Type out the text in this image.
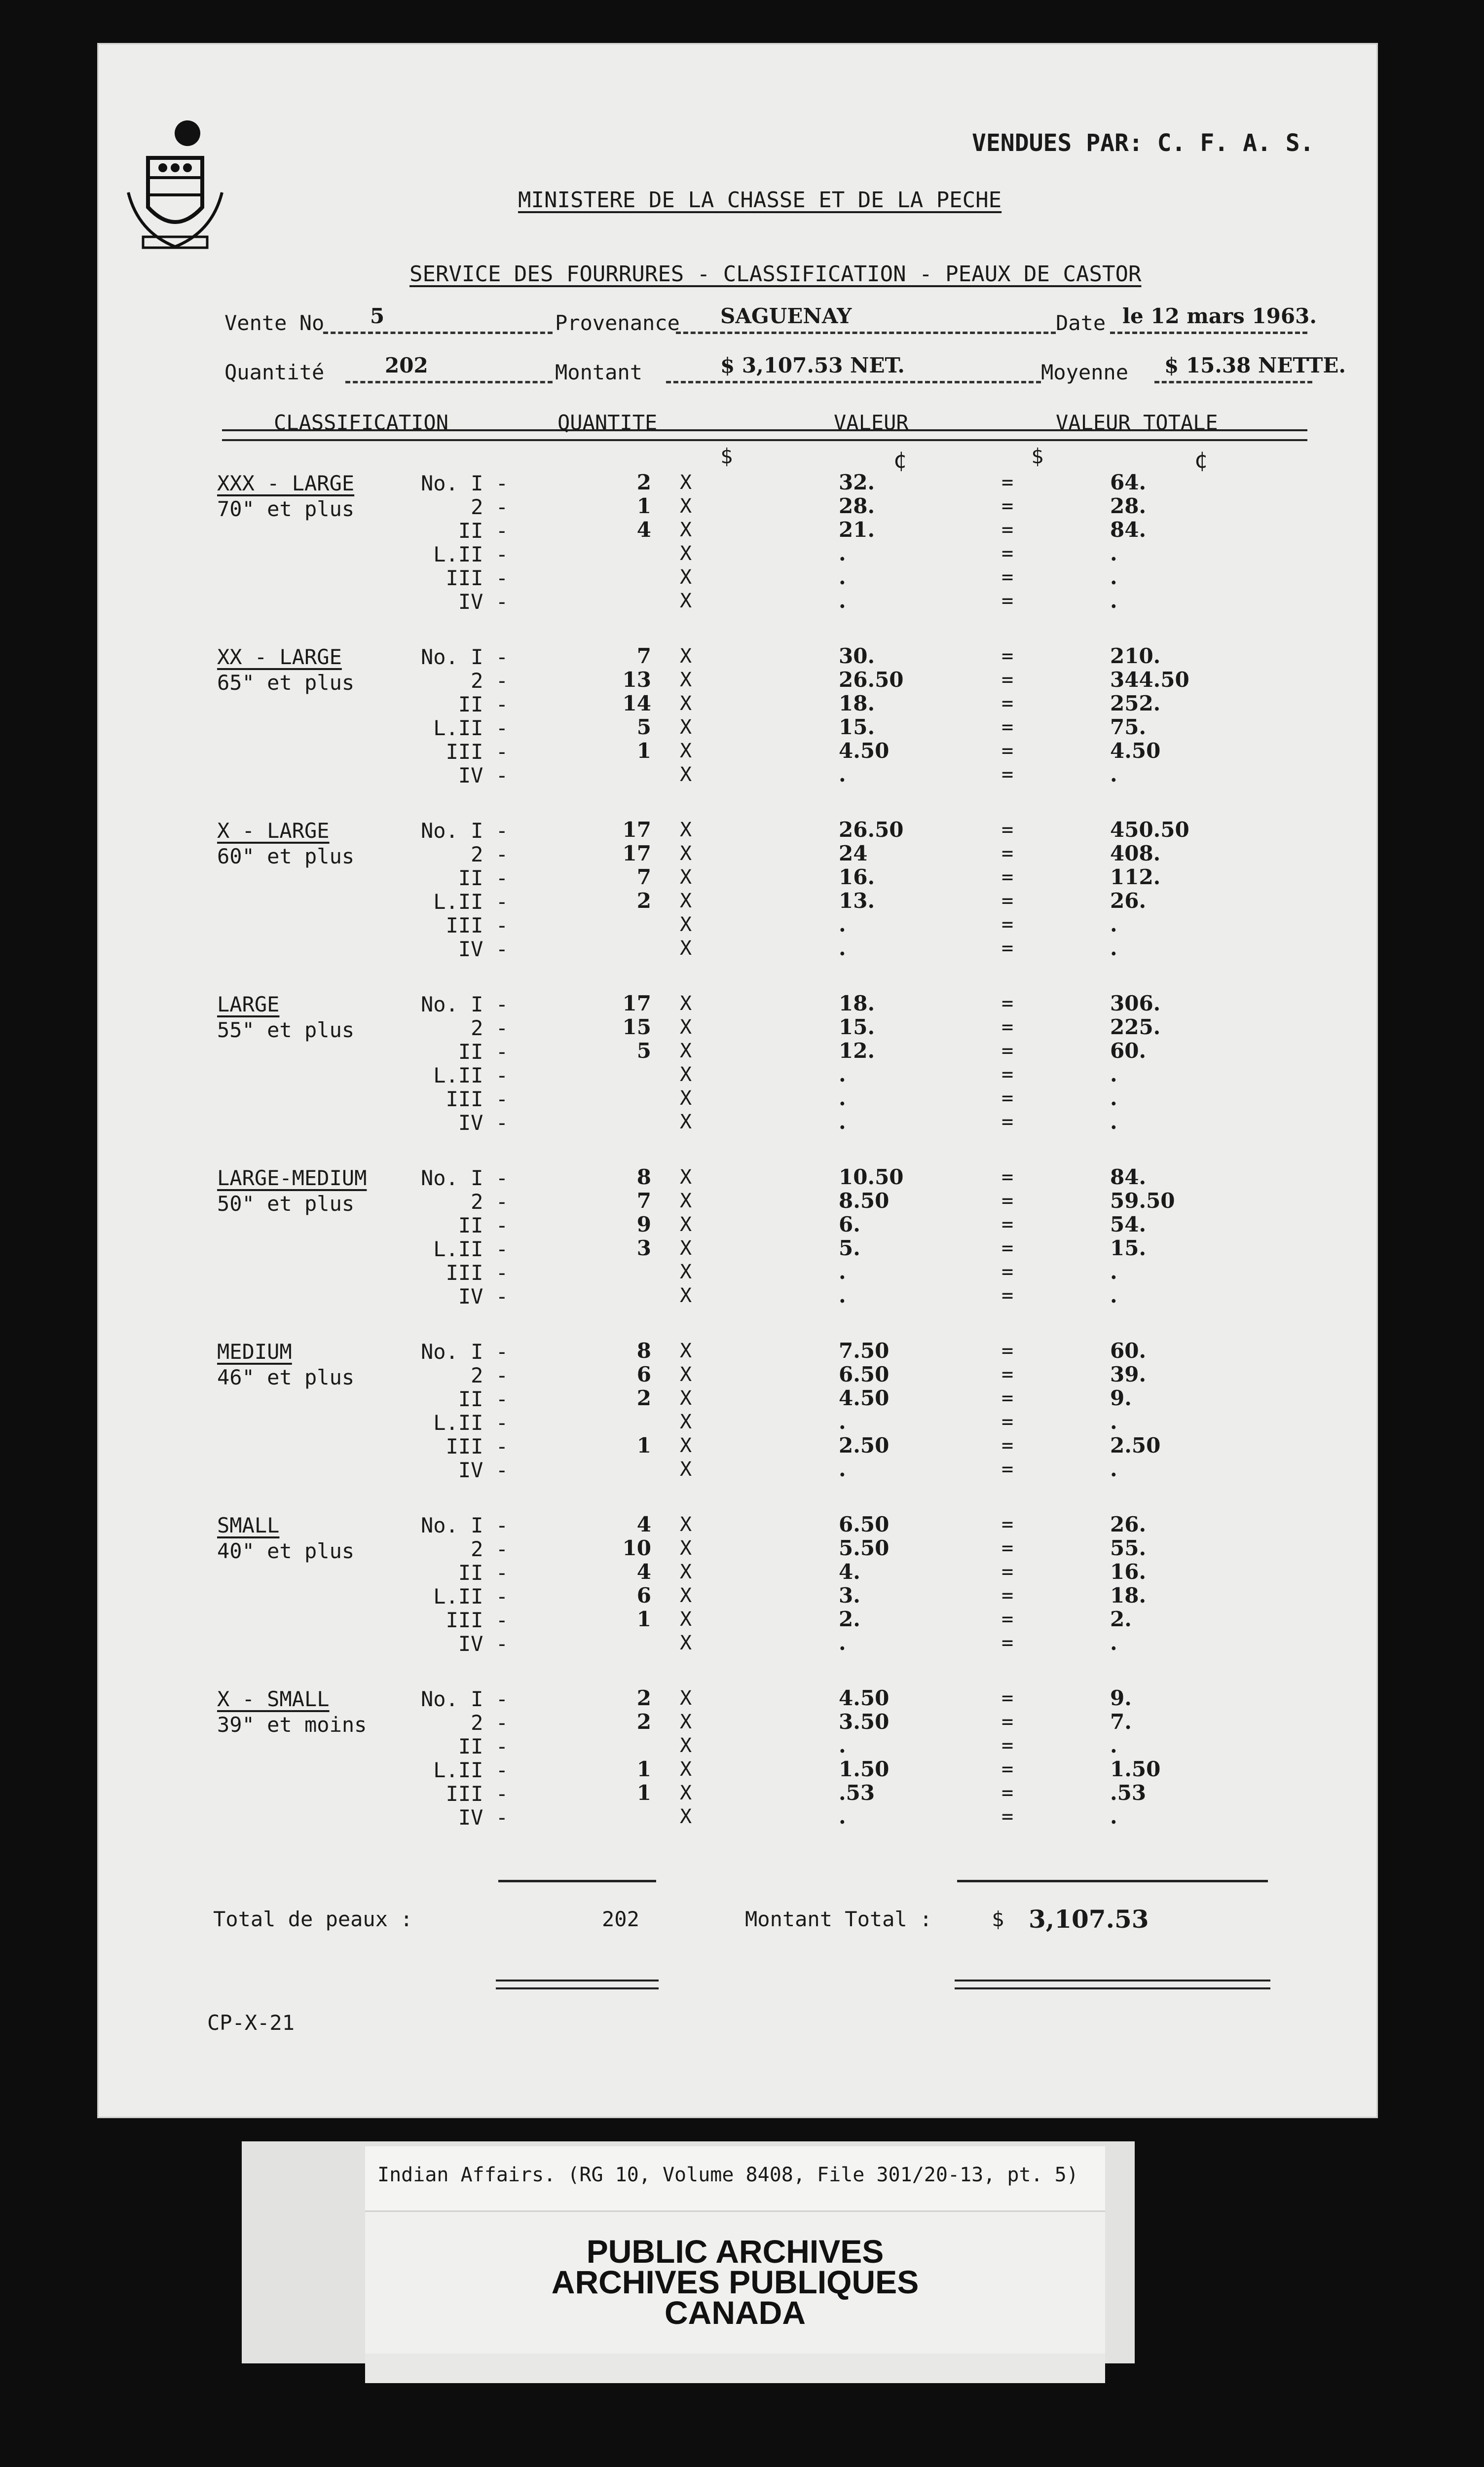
VENDUES PAR: C. F. A. S.
MINISTERE DE LA CHASSE ET DE LA PECHE
SERVICE DES FOURRURES - CLASSIFICATION - PEAUX DE CASTOR
Vente No 5	Provenance SAGUENAY	Date le 12 mars 1963.
Quantité	202	Montant	$ 3,107.53 NET.	Moyenne $ 15.38 NETTE.
CLASSIFICATION	QUANTITE	VALEUR	VALEUR TOTALE
$	¢	$	¢
XXX - LARGE
70" et plus
No. I -	2 X	32.	=	64.
2 -	1 X	28.	=	28.
II -	4 X	21.	=	84.
L.II -	X	.	=	.
III -	X	.	=	.
IV -	X	.	=	.
XX - LARGE
65" et plus
No. I -	7 X	30.	=	210.
2 -	13 X	26.50	=	344.50
II -	14 X	18.	=	252.
L.II -	5 X	15.	=	75.
III -	1 X	4.50	=	4.50
IV -	X	.	=	.
X - LARGE
60" et plus
No. I -	17 X	26.50	=	450.50
2 -	17 X	24	=	408.
II -	7 X	16.	=	112.
L.II -	2 X	13.	=	26.
III -	X	.	=	.
IV -	X	.	=	.
LARGE
55" et plus
No. I -	17 X	18.	=	306.
2 -	15 X	15.	=	225.
II -	5 X	12.	=	60.
L.II -	X	.	=	.
III -	X	.	=	.
IV -	X	.	=	.
LARGE-MEDIUM
50" et plus
No. I -	8 X	10.50	=	84.
2 -	7 X	8.50	=	59.50
II -	9 X	6.	=	54.
L.II -	3 X	5.	=	15.
III -	X	.	=	.
IV -	X	.	=	.
MEDIUM
46" et plus
No. I -	8 X	7.50	=	60.
2 -	6 X	6.50	=	39.
II -	2 X	4.50	=	9.
L.II -	X	.	=	.
III -	1 X	2.50	=	2.50
IV -	X	.	=	.
SMALL
40" et plus
No. I -	4 X	6.50	=	26.
2 -	10 X	5.50	=	55.
II -	4 X	4.	=	16.
L.II -	6 X	3.	=	18.
III -	1 X	2.	=	2.
IV -	X	.	=	.
X - SMALL
39" et moins
No. I -	2 X	4.50	=	9.
2 -	2 X	3.50	=	7.
II -	X	.	=	.
L.II -	1 X	1.50	=	1.50
III -	1 X	.53	=	.53
IV -	X	.	=	.
Total de peaux :	202	Montant Total :	$ 3,107.53
CP-X-21
Indian Affairs. (RG 10, Volume 8408, File 301/20-13, pt. 5)
PUBLIC ARCHIVES
ARCHIVES PUBLIQUES
CANADA
